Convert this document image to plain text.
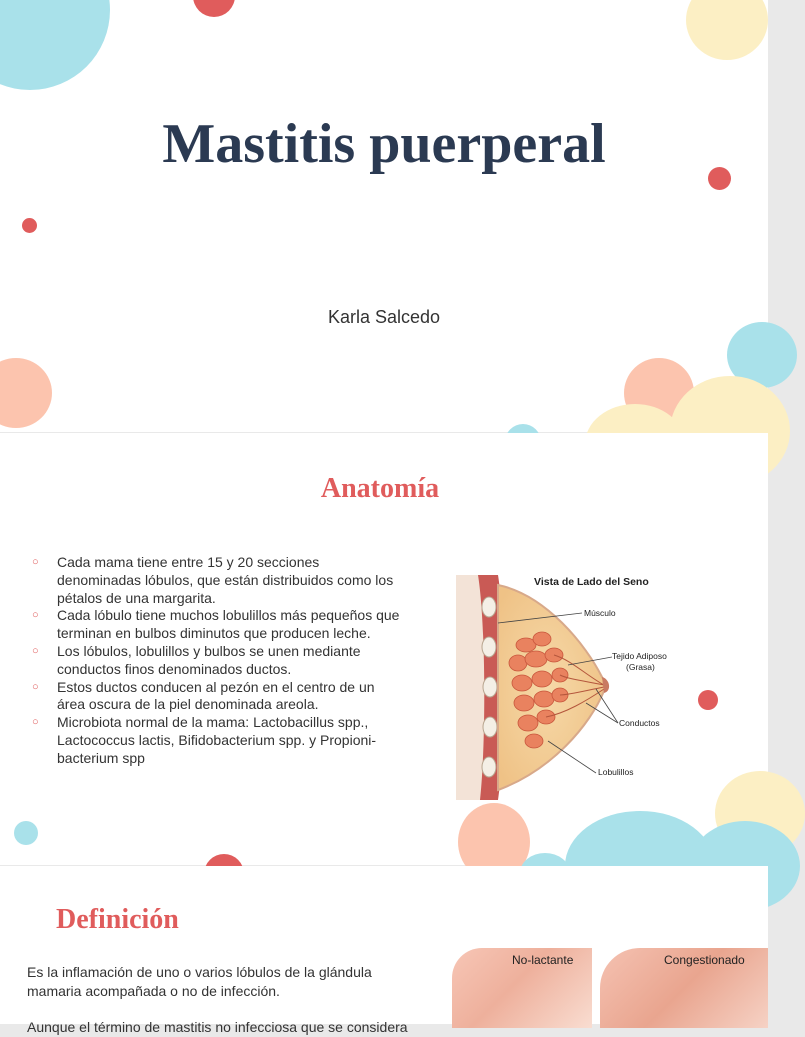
Mastitis puerperal
Karla Salcedo
Anatomía
○ Cada mama tiene entre 15 y 20 secciones denominadas lóbulos, que están distribuidos como los pétalos de una margarita.
○ Cada lóbulo tiene muchos lobulillos más pequeños que terminan en bulbos diminutos que producen leche.
○ Los lóbulos, lobulillos y bulbos se unen mediante conductos finos denominados ductos.
○ Estos ductos conducen al pezón en el centro de un área oscura de la piel denominada areola.
○ Microbiota normal de la mama: Lactobacillus spp., Lactococcus lactis, Bifidobacterium spp. y Propioni-bacterium spp
Vista de Lado del Seno
Músculo
Tejido Adiposo
(Grasa)
Conductos
Lobulillos
Definición

Es la inflamación de uno o varios lóbulos de la glándula mamaria acompañada o no de infección.

Aunque el término de mastitis no infecciosa que se considera

No-lactante	Congestionado
